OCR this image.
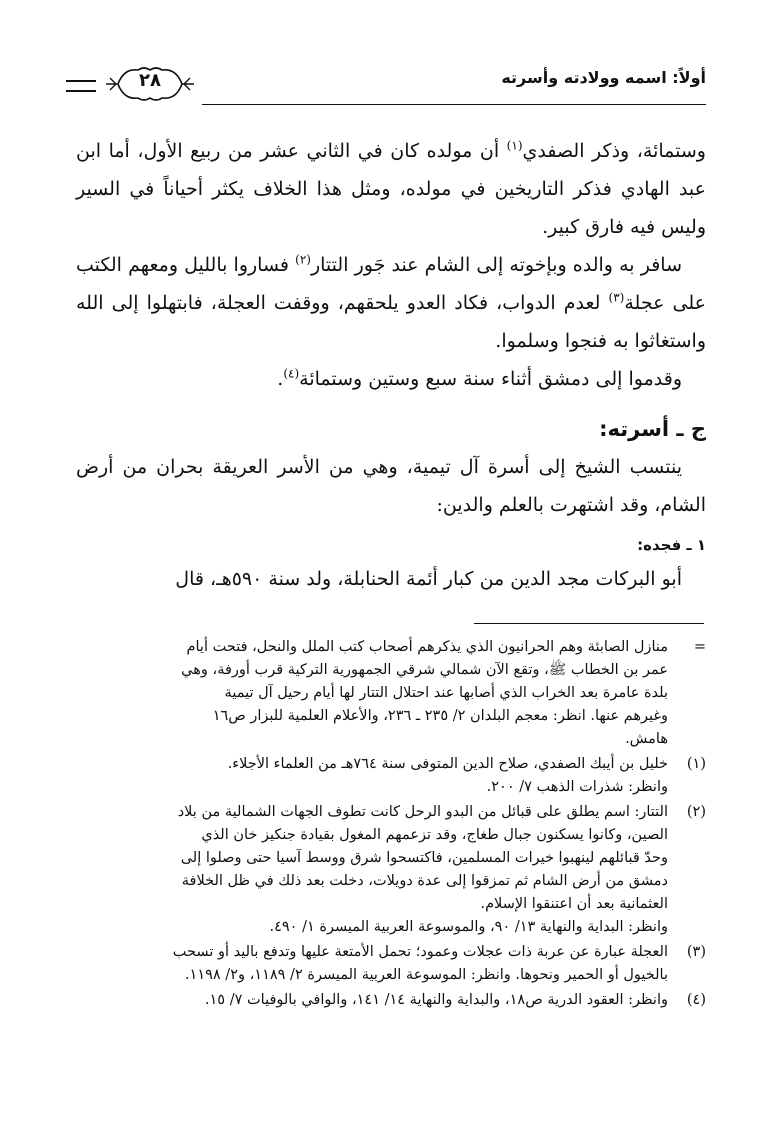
أولاً: اسمه وولادته وأسرته
٢٨

وستمائة، وذكر الصفدي$^{(١)}$ أن مولده كان في الثاني عشر من ربيع الأول، أما ابن عبد الهادي فذكر التاريخين في مولده، ومثل هذا الخلاف يكثر أحياناً في السير وليس فيه فارق كبير.

سافر به والده وبإخوته إلى الشام عند جَور التتار$^{(٢)}$ فساروا بالليل ومعهم الكتب على عجلة$^{(٣)}$ لعدم الدواب، فكاد العدو يلحقهم، ووقفت العجلة، فابتهلوا إلى الله واستغاثوا به فنجوا وسلموا.

وقدموا إلى دمشق أثناء سنة سبع وستين وستمائة$^{(٤)}$.

ج ـ أسرته:

ينتسب الشيخ إلى أسرة آل تيمية، وهي من الأسر العريقة بحران من أرض الشام، وقد اشتهرت بالعلم والدين:

١ ـ فجده:

أبو البركات مجد الدين من كبار أئمة الحنابلة، ولد سنة ٥٩٠هـ، قال

=
منازل الصابئة وهم الحرانيون الذي يذكرهم أصحاب كتب الملل والنحل، فتحت أيام
عمر بن الخطاب ﷺ، وتقع الآن شمالي شرقي الجمهورية التركية قرب أورفة، وهي
بلدة عامرة بعد الخراب الذي أصابها عند احتلال التتار لها أيام رحيل آل تيمية
وغيرهم عنها. انظر: معجم البلدان ٢/ ٢٣٥ ـ ٢٣٦، والأعلام العلمية للبزار ص١٦
هامش.
(١)
خليل بن أيبك الصفدي، صلاح الدين المتوفى سنة ٧٦٤هـ من العلماء الأجلاء.
وانظر: شذرات الذهب ٧/ ٢٠٠.
(٢)
التتار: اسم يطلق على قبائل من البدو الرحل كانت تطوف الجهات الشمالية من بلاد
الصين، وكانوا يسكنون جبال طغاج، وقد تزعمهم المغول بقيادة جنكيز خان الذي
وحدّ قبائلهم لينهبوا خيرات المسلمين، فاكتسحوا شرق ووسط آسيا حتى وصلوا إلى
دمشق من أرض الشام ثم تمزقوا إلى عدة دويلات، دخلت بعد ذلك في ظل الخلافة
العثمانية بعد أن اعتنقوا الإسلام.
وانظر: البداية والنهاية ١٣/ ٩٠، والموسوعة العربية الميسرة ١/ ٤٩٠.
(٣)
العجلة عبارة عن عربة ذات عجلات وعمود؛ تحمل الأمتعة عليها وتدفع باليد أو تسحب
بالخيول أو الحمير ونحوها. وانظر: الموسوعة العربية الميسرة ٢/ ١١٨٩، و٢/ ١١٩٨.
(٤)
وانظر: العقود الدرية ص١٨، والبداية والنهاية ١٤/ ١٤١، والوافي بالوفيات ٧/ ١٥.
